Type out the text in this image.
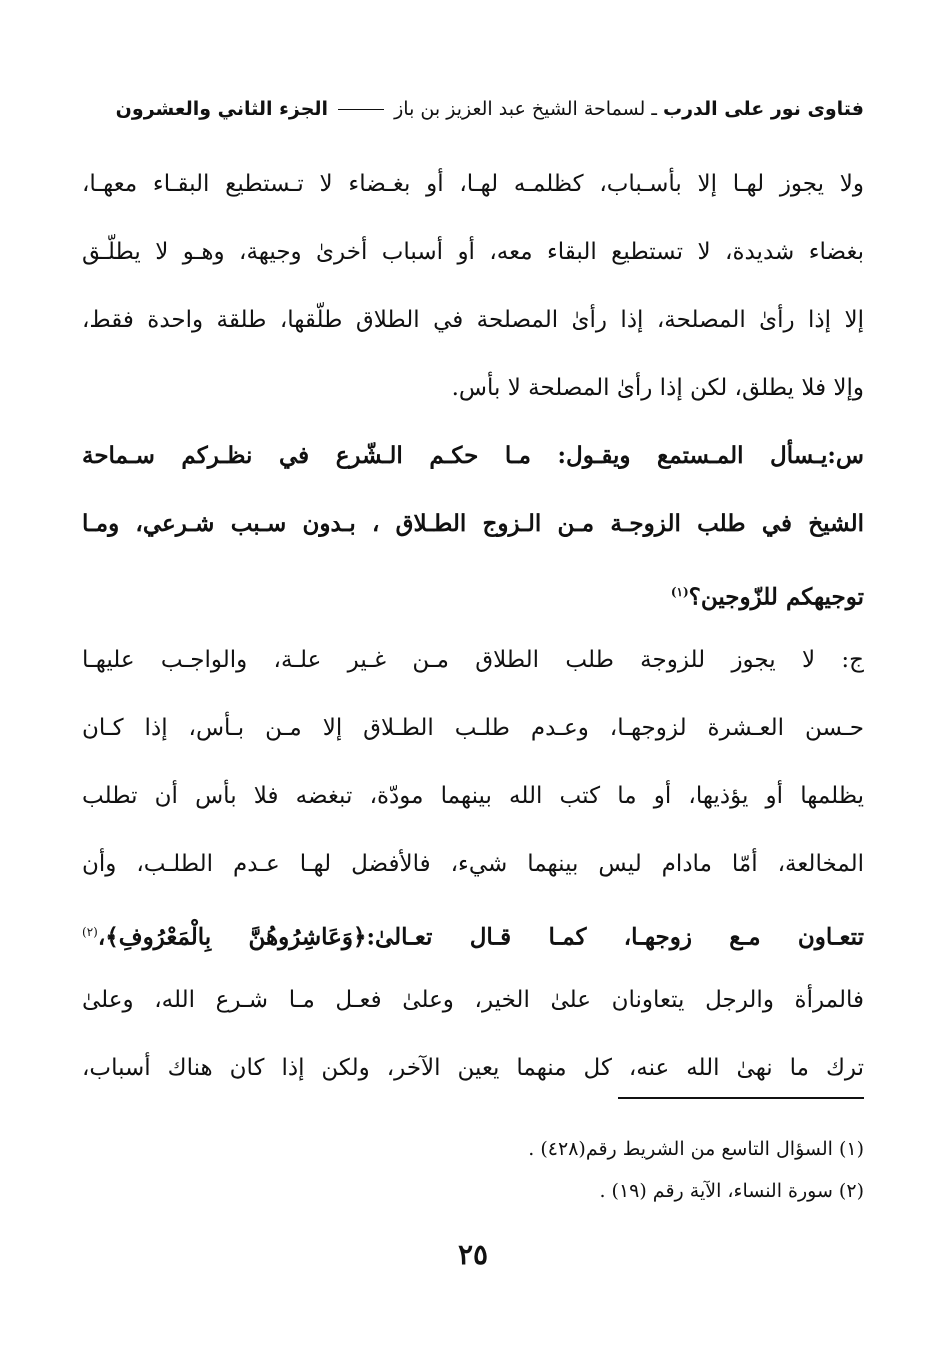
فتاوى نور على الدرب ـ لسماحة الشيخ عبد العزيز بن باز  الجزء الثاني والعشرون
ولا يجوز لهـا إلا بأسـباب، كظلمـه لهـا، أو بغـضاء لا تـستطيع البقـاء معهـا،
بغضاء شديدة، لا تستطيع البقاء معه، أو أسباب أخرىٰ وجيهة، وهـو لا يطلّـق
إلا إذا رأىٰ المصلحة، إذا رأىٰ المصلحة في الطلاق طلّقها، طلقة واحدة فقط،
وإلا فلا يطلق، لكن إذا رأىٰ المصلحة لا بأس.
س:يـسأل المـستمع ويقـول: مـا حكـم الـشّرع في نظـركم سـماحة
الشيخ في طلب الزوجـة مـن الـزوج الطـلاق ، بـدون سـبب شـرعي، ومـا
توجيهكم للزّوجين؟$^{(١)}$
ج: لا يجوز للزوجة طلب الطلاق مـن غـير علـة، والواجـب عليهـا
حـسن العـشرة لزوجهـا، وعـدم طلـب الطـلاق إلا مـن بـأس، إذا كـان
يظلمها أو يؤذيها، أو ما كتب الله بينهما مودّة، تبغضه فلا بأس أن تطلب
المخالعة، أمّا مادام ليس بينهما شيء، فالأفضل لهـا عـدم الطلـب، وأن
تتعـاون مـع زوجهـا، كمـا قـال تعـالىٰ:﴿وَعَاشِرُوهُنَّ بِالْمَعْرُوفِ﴾،$^{(٢)}$
فالمرأة والرجل يتعاونان علىٰ الخير، وعلىٰ فعـل مـا شـرع الله، وعلىٰ
ترك ما نهىٰ الله عنه، كل منهما يعين الآخر، ولكن إذا كان هناك أسباب،
(١) السؤال التاسع من الشريط رقم(٤٢٨) .
(٢) سورة النساء، الآية رقم (١٩) .
٢٥
